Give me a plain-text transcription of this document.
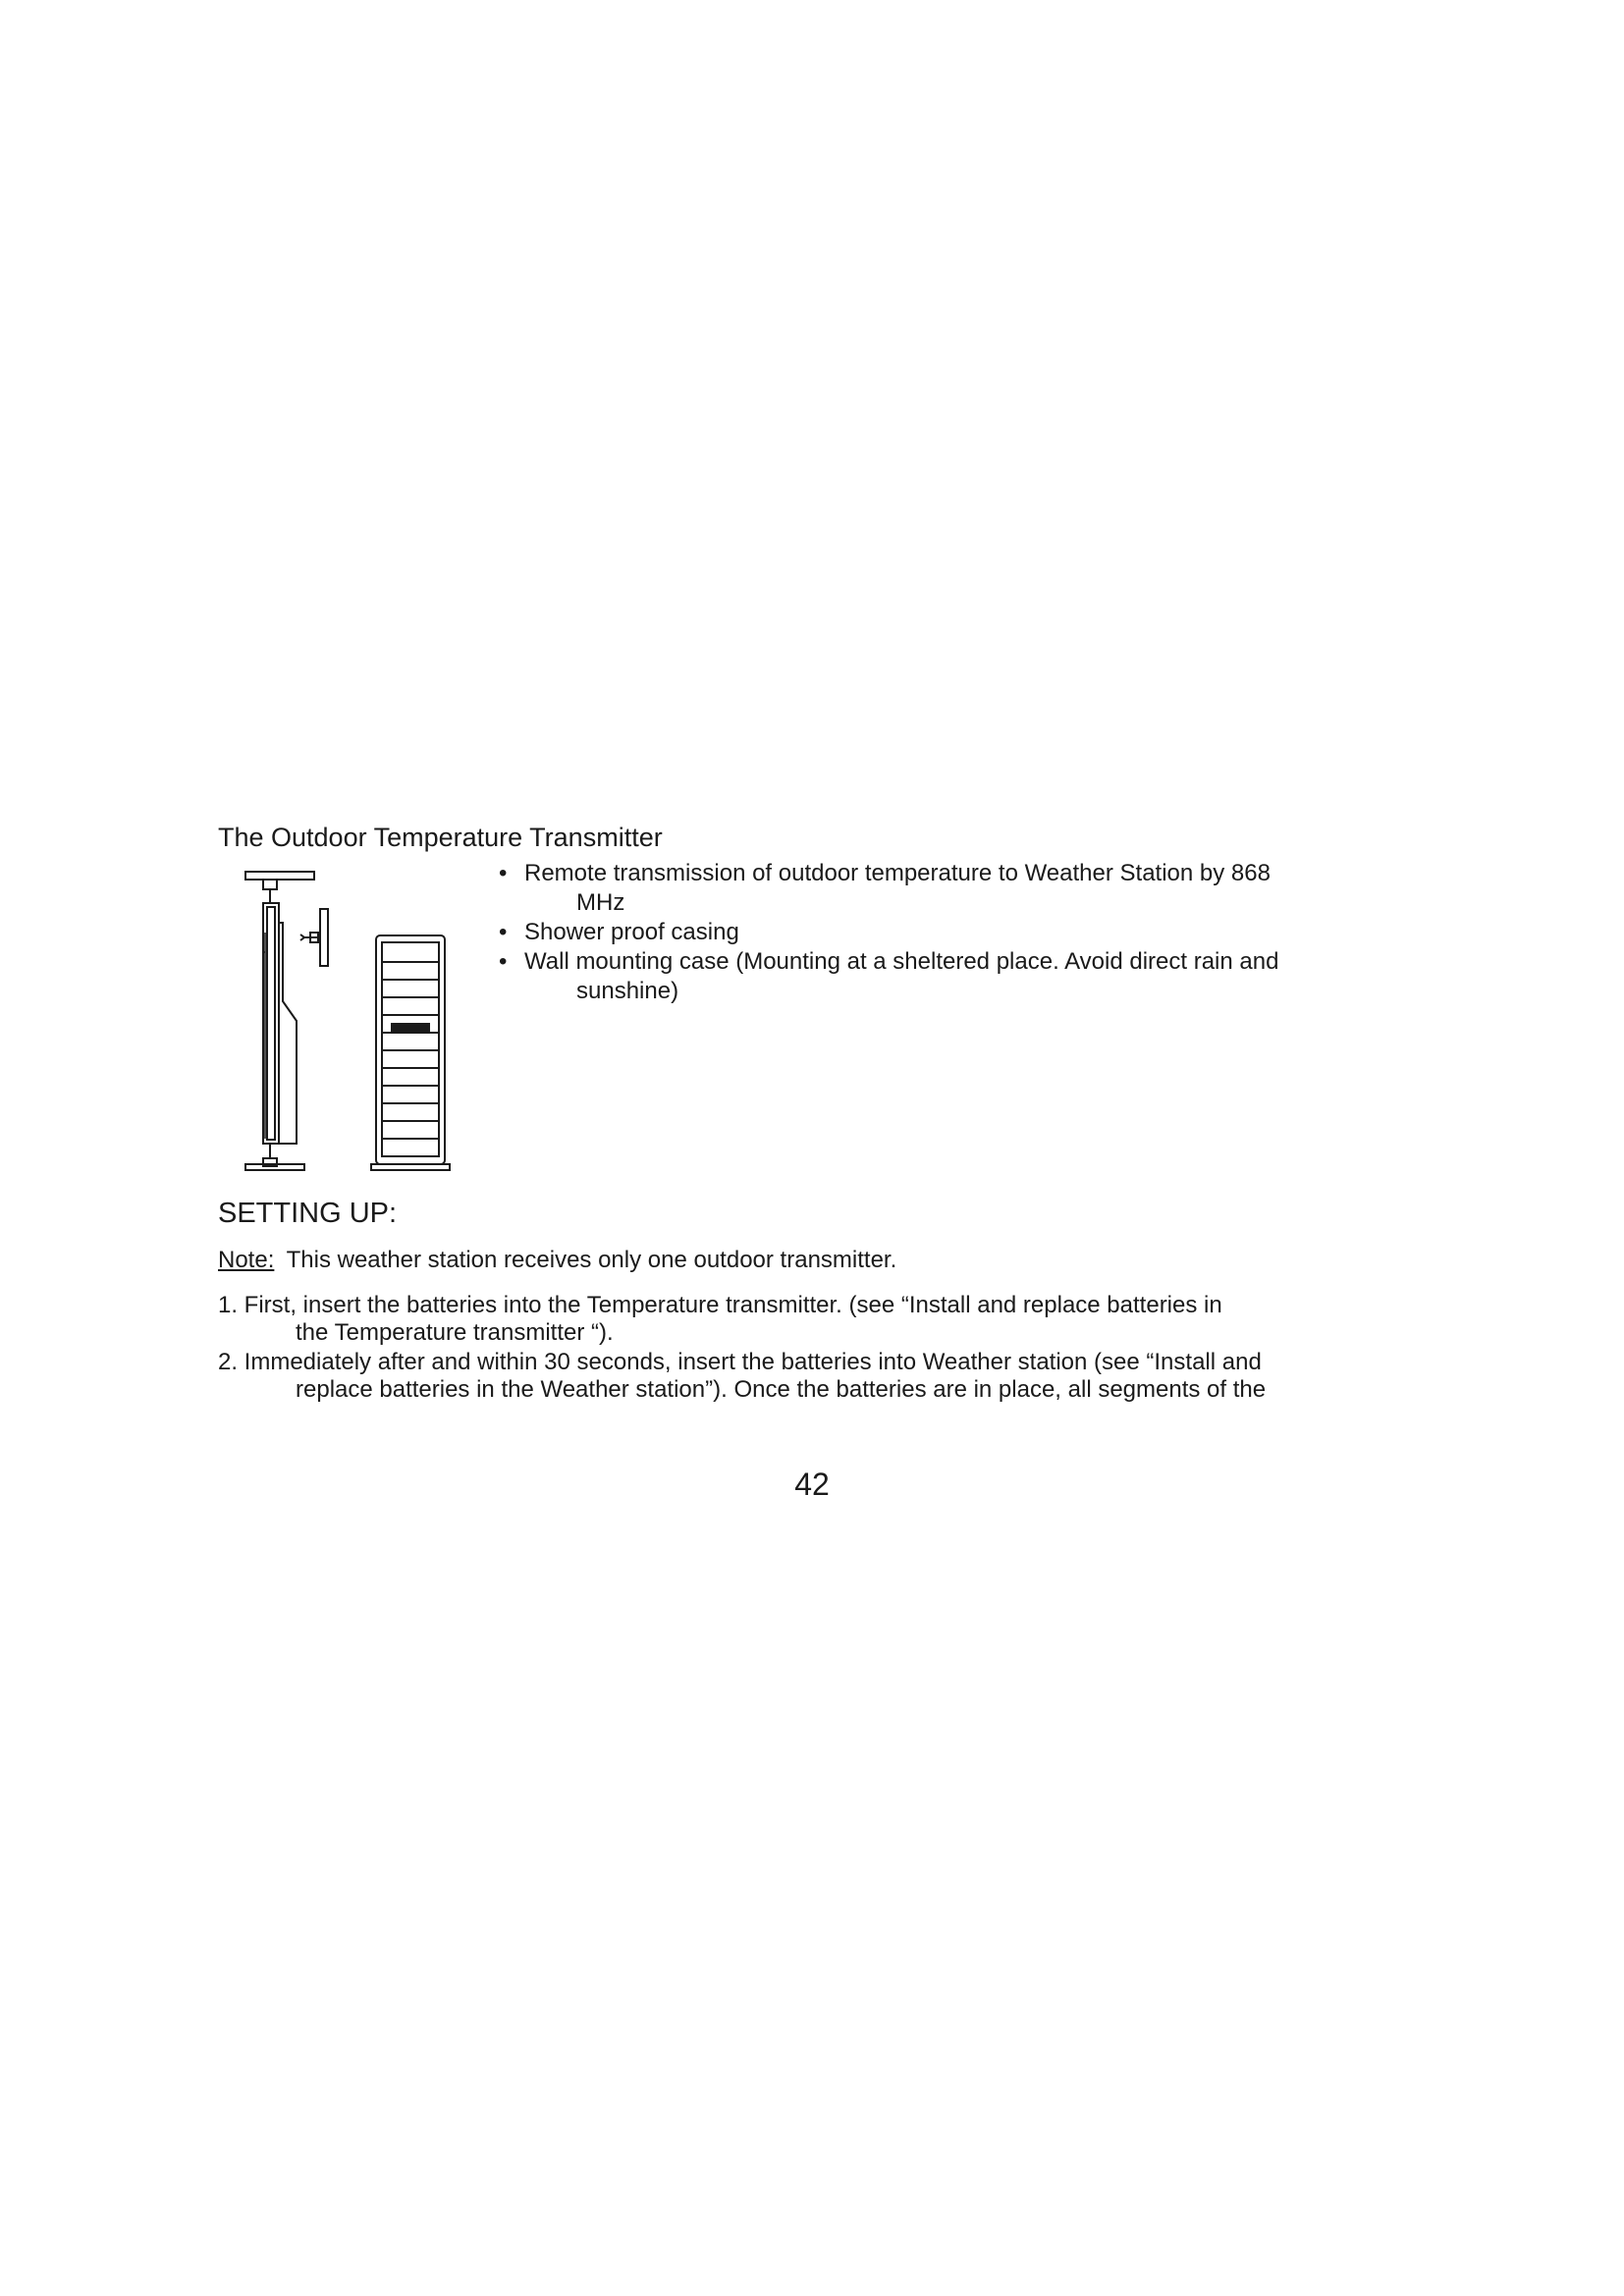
The Outdoor Temperature Transmitter
• Remote transmission of outdoor temperature to Weather Station by 868
MHz
• Shower proof casing
• Wall mounting case (Mounting at a sheltered place. Avoid direct rain and
sunshine)
SETTING UP:
Note: This weather station receives only one outdoor transmitter.
1. First, insert the batteries into the Temperature transmitter. (see “Install and replace batteries in
the Temperature transmitter “).
2. Immediately after and within 30 seconds, insert the batteries into Weather station (see “Install and
replace batteries in the Weather station”). Once the batteries are in place, all segments of the
42
